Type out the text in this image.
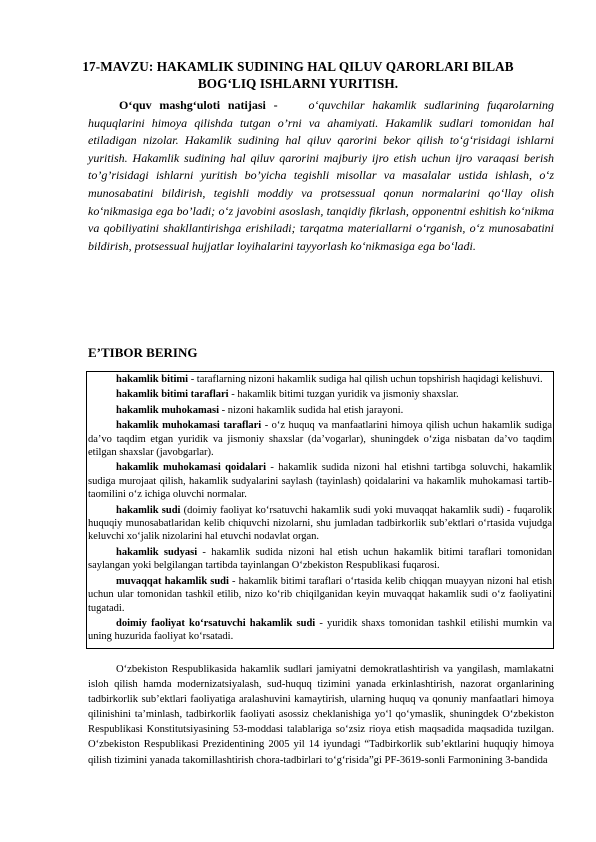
17-MAVZU: HAKAMLIK SUDINING HAL QILUV QARORLARI BILAB
BOG‘LIQ ISHLARNI YURITISH.

O‘quv mashg‘uloti natijasi -	o‘quvchilar hakamlik sudlarining fuqarolarning huquqlarini himoya qilishda tutgan o’rni va ahamiyati. Hakamlik sudlari tomonidan hal etiladigan nizolar. Hakamlik sudining hal qiluv qarorini bekor qilish to‘g‘risidagi ishlarni yuritish. Hakamlik sudining hal qiluv qarorini majburiy ijro etish uchun ijro varaqasi berish to’g’risidagi ishlarni yuritish bo’yicha tegishli misollar va masalalar ustida ishlash, o‘z munosabatini bildirish, tegishli moddiy va protsessual qonun normalarini qo‘llay olish ko‘nikmasiga ega bo’ladi; o‘z javobini asoslash, tanqidiy fikrlash, opponentni eshitish ko‘nikma va qobiliyatini shakllantirishga erishiladi; tarqatma materiallarni o‘rganish, o‘z munosabatini bildirish, protsessual hujjatlar loyihalarini tayyorlash ko‘nikmasiga ega bo‘ladi.

E’TIBOR BERING

hakamlik bitimi - taraflarning nizoni hakamlik sudiga hal qilish uchun topshirish haqidagi kelishuvi.

hakamlik bitimi taraflari - hakamlik bitimi tuzgan yuridik va jismoniy shaxslar.

hakamlik muhokamasi - nizoni hakamlik sudida hal etish jarayoni.

hakamlik muhokamasi taraflari - o‘z huquq va manfaatlarini himoya qilish uchun hakamlik sudiga da’vo taqdim etgan yuridik va jismoniy shaxslar (da’vogarlar), shuningdek o‘ziga nisbatan da’vo taqdim etilgan shaxslar (javobgarlar).

hakamlik muhokamasi qoidalari - hakamlik sudida nizoni hal etishni tartibga soluvchi, hakamlik sudiga murojaat qilish, hakamlik sudyalarini saylash (tayinlash) qoidalarini va hakamlik muhokamasi tartib-taomilini o‘z ichiga oluvchi normalar.

hakamlik sudi (doimiy faoliyat ko‘rsatuvchi hakamlik sudi yoki muvaqqat hakamlik sudi) - fuqarolik huquqiy munosabatlaridan kelib chiquvchi nizolarni, shu jumladan tadbirkorlik sub’ektlari o‘rtasida vujudga keluvchi xo‘jalik nizolarini hal etuvchi nodavlat organ.

hakamlik sudyasi - hakamlik sudida nizoni hal etish uchun hakamlik bitimi taraflari tomonidan saylangan yoki belgilangan tartibda tayinlangan O‘zbekiston Respublikasi fuqarosi.

muvaqqat hakamlik sudi - hakamlik bitimi taraflari o‘rtasida kelib chiqqan muayyan nizoni hal etish uchun ular tomonidan tashkil etilib, nizo ko‘rib chiqilganidan keyin muvaqqat hakamlik sudi o‘z faoliyatini tugatadi.

doimiy faoliyat ko‘rsatuvchi hakamlik sudi - yuridik shaxs tomonidan tashkil etilishi mumkin va uning huzurida faoliyat ko‘rsatadi.

O‘zbekiston Respublikasida hakamlik sudlari jamiyatni demokratlashtirish va yangilash, mamlakatni isloh qilish hamda modernizatsiyalash, sud-huquq tizimini yanada erkinlashtirish, nazorat organlarining tadbirkorlik sub’ektlari faoliyatiga aralashuvini kamaytirish, ularning huquq va qonuniy manfaatlari himoya qilinishini ta’minlash, tadbirkorlik faoliyati asossiz cheklanishiga yo‘l qo‘ymaslik, shuningdek O‘zbekiston Respublikasi Konstitutsiyasining 53-moddasi talablariga so‘zsiz rioya etish maqsadida maqsadida tuzilgan. O‘zbekiston Respublikasi Prezidentining 2005 yil 14 iyundagi “Tadbirkorlik sub’ektlarini huquqiy himoya qilish tizimini yanada takomillashtirish chora-tadbirlari to‘g‘risida”gi PF-3619-sonli Farmonining 3-bandida
